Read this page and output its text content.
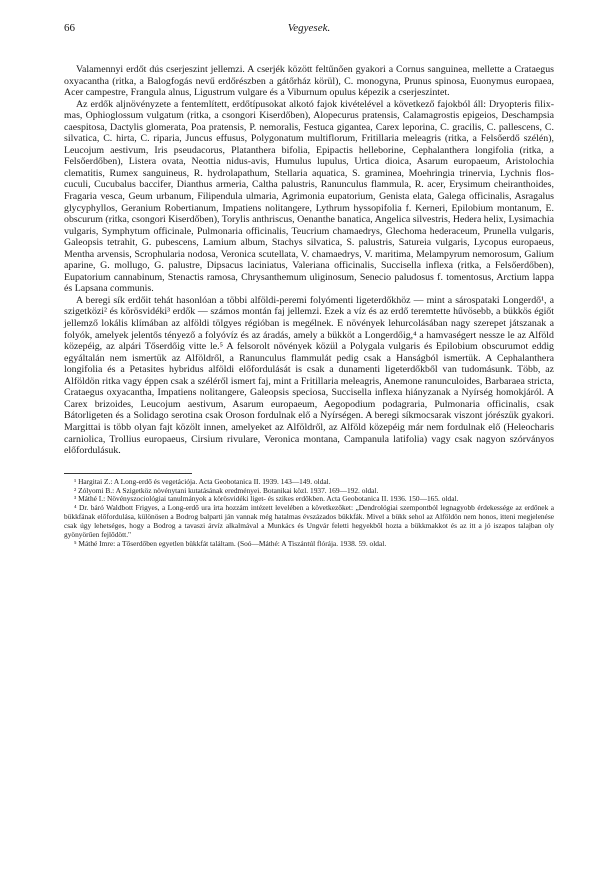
66	Vegyesek.

Valamennyi erdőt dús cserjeszint jellemzi. A cserjék között feltűnően gyakori a Cornus sanguinea, mellette a Crataegus oxyacantha (ritka, a Balogfogás nevű erdőrészben a gátőrház körül), C. monogyna, Prunus spinosa, Euonymus europaea, Acer campestre, Frangula alnus, Ligustrum vulgare és a Viburnum opulus képezik a cserjeszintet.

Az erdők aljnövényzete a fentemlített, erdőtípusokat alkotó fajok kivételével a következő fajokból áll: Dryopteris filix-mas, Ophioglossum vulgatum (ritka, a csongori Kiserdőben), Alopecurus pratensis, Calamagrostis epigeios, Deschampsia caespitosa, Dactylis glomerata, Poa pratensis, P. nemoralis, Festuca gigantea, Carex leporina, C. gracilis, C. pallescens, C. silvatica, C. hirta, C. riparia, Juncus effusus, Polygonatum multiflorum, Fritillaria meleagris (ritka, a Felsőerdő szélén), Leucojum aestivum, Iris pseudacorus, Platanthera bifolia, Epipactis helleborine, Cephalanthera longifolia (ritka, a Felsőerdőben), Listera ovata, Neottia nidus-avis, Humulus lupulus, Urtica dioica, Asarum europaeum, Aristolochia clematitis, Rumex sanguineus, R. hydrolapathum, Stellaria aquatica, S. graminea, Moehringia trinervia, Lychnis flos-cuculi, Cucubalus baccifer, Dianthus armeria, Caltha palustris, Ranunculus flammula, R. acer, Erysimum cheiranthoides, Fragaria vesca, Geum urbanum, Filipendula ulmaria, Agrimonia eupatorium, Genista elata, Galega officinalis, Asragalus glycyphyllos, Geranium Robertianum, Impatiens nolitangere, Lythrum hyssopifolia f. Kerneri, Epilobium montanum, E. obscurum (ritka, csongori Kiserdőben), Torylis anthriscus, Oenanthe banatica, Angelica silvestris, Hedera helix, Lysimachia vulgaris, Symphytum officinale, Pulmonaria officinalis, Teucrium chamaedrys, Glechoma hederaceum, Prunella vulgaris, Galeopsis tetrahit, G. pubescens, Lamium album, Stachys silvatica, S. palustris, Satureia vulgaris, Lycopus europaeus, Mentha arvensis, Scrophularia nodosa, Veronica scutellata, V. chamaedrys, V. maritima, Melampyrum nemorosum, Galium aparine, G. mollugo, G. palustre, Dipsacus laciniatus, Valeriana officinalis, Succisella inflexa (ritka, a Felsőerdőben), Eupatorium cannabinum, Stenactis ramosa, Chrysanthemum uliginosum, Senecio paludosus f. tomentosus, Arctium lappa és Lapsana communis.

A beregi sík erdőit tehát hasonlóan a többi alföldi-peremi folyómenti ligeterdőkhöz — mint a sárospataki Longerdő¹, a szigetközi² és körösvidéki³ erdők — számos montán faj jellemzi. Ezek a víz és az erdő teremtette hűvösebb, a bükkös égiőt jellemző lokális klímában az alföldi tölgyes régióban is megélnek. E növények lehurcolásában nagy szerepet játszanak a folyók, amelyek jelentős tényező a folyóvíz és az áradás, amely a bükköt a Longerdőig,⁴ a hamvaségert nessze le az Alföld közepéig, az alpári Tőserdőig vitte le.⁵ A felsorolt növények közül a Polygala vulgaris és Epilobium obscurumot eddig egyáltalán nem ismertük az Alföldről, a Ranunculus flammulát pedig csak a Hanságból ismertük. A Cephalanthera longifolia és a Petasites hybridus alföldi előfordulását is csak a dunamenti ligeterdőkből van tudomásunk. Több, az Alföldön ritka vagy éppen csak a széléről ismert faj, mint a Fritillaria meleagris, Anemone ranunculoides, Barbaraea stricta, Crataegus oxyacantha, Impatiens nolitangere, Galeopsis speciosa, Succisella inflexa hiányzanak a Nyírség homokjáról. A Carex brizoides, Leucojum aestivum, Asarum europaeum, Aegopodium podagraria, Pulmonaria officinalis, csak Bátorligeten és a Solidago serotina csak Oroson fordulnak elő a Nyírségen. A beregi síkmocsarak viszont jórészük gyakori. Margittai is több olyan fajt közölt innen, amelyeket az Alföldről, az Alföld közepéig már nem fordulnak elő (Heleocharis carniolica, Trollius europaeus, Cirsium rivulare, Veronica montana, Campanula latifolia) vagy csak nagyon szórványos előfordulásuk.

¹ Hargitai Z.: A Long-erdő és vegetációja. Acta Geobotanica II. 1939. 143—149. oldal.

² Zólyomi B.: A Szigetköz növénytani kutatásának eredményei. Botanikai közl. 1937. 169—192. oldal.

³ Máthé I.: Növényszociológiai tanulmányok a körösvidéki liget- és szikes erdőkben. Acta Geobotanica II. 1936. 150—165. oldal.

⁴ Dr. báró Waldbott Frigyes, a Long-erdő ura írta hozzám intézett levelében a következőket: „Dendrológiai szempontból legnagyobb érdekessége az erdőnek a bükkfának előfordulása, különösen a Bodrog balparti ján vannak még hatalmas évszázados bükkfák. Mivel a bükk sehol az Alföldön nem honos, itteni megjelenése csak úgy lehetséges, hogy a Bodrog a tavaszi árvíz alkalmával a Munkács és Ungvár feletti hegyekből hozta a bükkmakkot és az itt a jó iszapos talajban oly gyönyörűen fejlődött."

⁵ Máthé Imre: a Tőserdőben egyetlen bükkfát találtam. (Soó—Máthé: A Tiszántúl flórája. 1938. 59. oldal.
